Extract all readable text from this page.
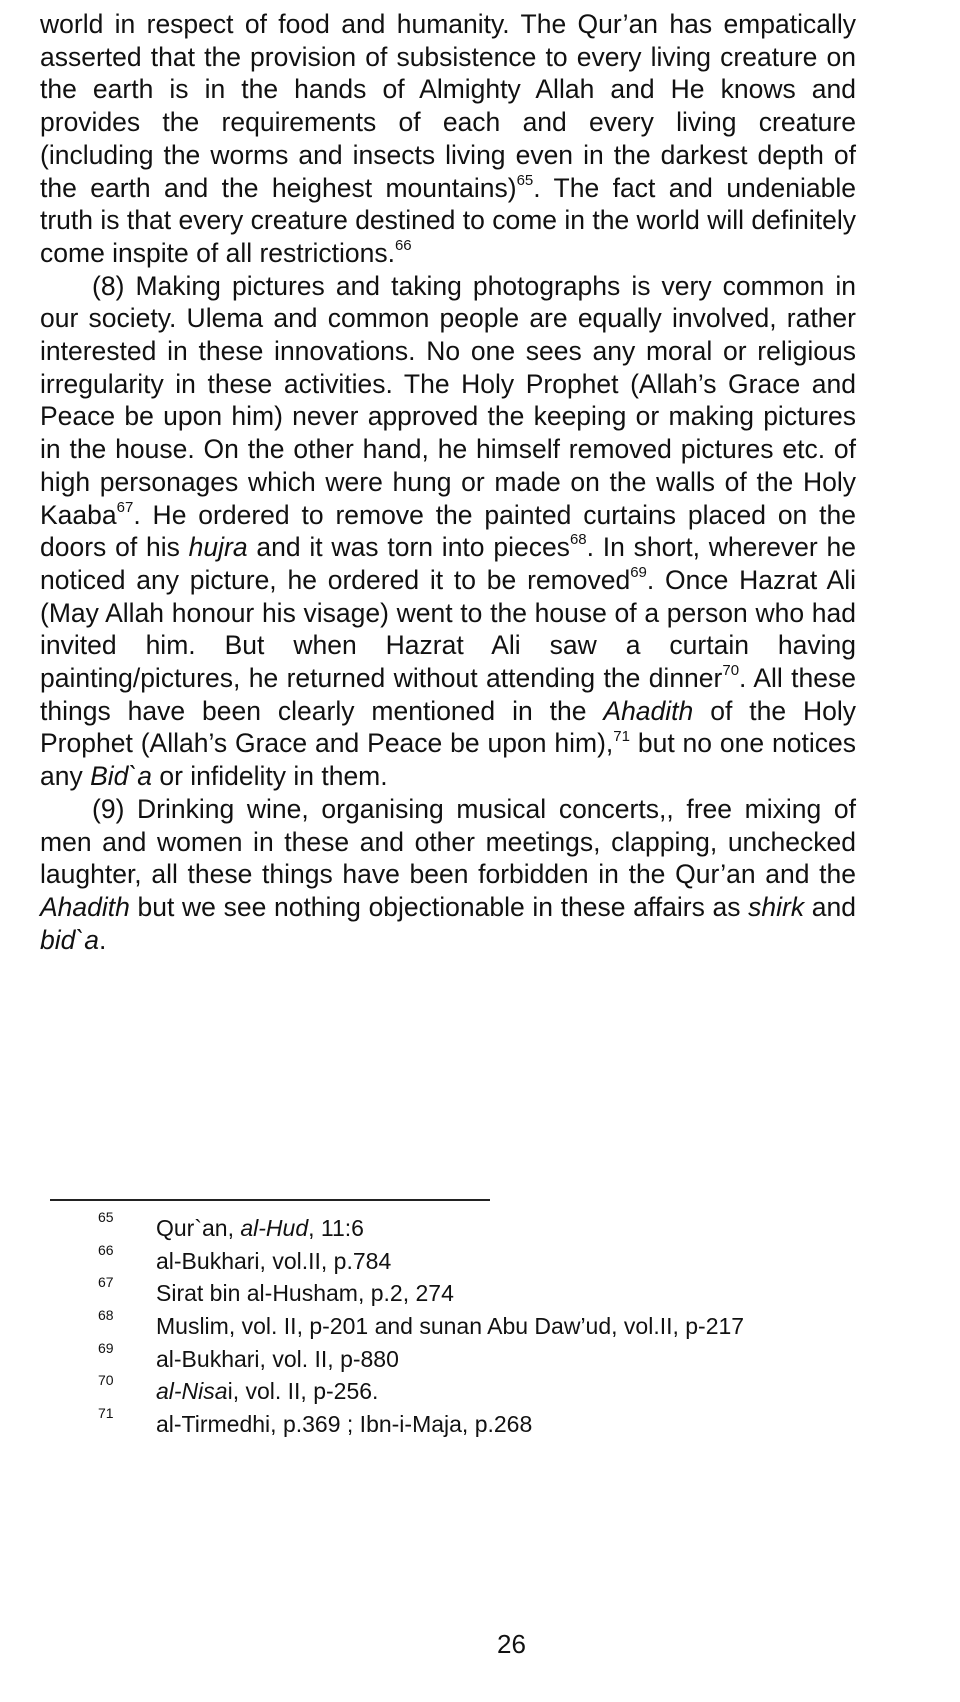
world in respect of food and humanity. The Qur’an has empatically asserted that the provision of subsistence to every living creature on the earth is in the hands of Almighty Allah and He knows and provides the requirements of each and every living creature (including the worms and insects living even in the darkest depth of the earth and the heighest mountains)$^{65}$. The fact and undeniable truth is that every creature destined to come in the world will definitely come inspite of all restrictions.$^{66}$

(8) Making pictures and taking photographs is very common in our society. Ulema and common people are equally involved, rather interested in these innovations. No one sees any moral or religious irregularity in these activities. The Holy Prophet (Allah’s Grace and Peace be upon him) never approved the keeping or making pictures in the house. On the other hand, he himself removed pictures etc. of high personages which were hung or made on the walls of the Holy Kaaba$^{67}$. He ordered to remove the painted curtains placed on the doors of his hujra and it was torn into pieces$^{68}$. In short, wherever he noticed any picture, he ordered it to be removed$^{69}$. Once Hazrat Ali (May Allah honour his visage) went to the house of a person who had invited him. But when Hazrat Ali saw a curtain having painting/pictures, he returned without attending the dinner$^{70}$. All these things have been clearly mentioned in the Ahadith of the Holy Prophet (Allah’s Grace and Peace be upon him),$^{71}$ but no one notices any Bid`a or infidelity in them.

(9) Drinking wine, organising musical concerts,, free mixing of men and women in these and other meetings, clapping, unchecked laughter, all these things have been forbidden in the Qur’an and the Ahadith but we see nothing objectionable in these affairs as shirk and bid`a.

65 Qur`an, al-Hud, 11:6
66 al-Bukhari, vol.II, p.784
67 Sirat bin al-Husham, p.2, 274
68 Muslim, vol. II, p-201 and sunan Abu Daw’ud, vol.II, p-217
69 al-Bukhari, vol. II, p-880
70 al-Nisai, vol. II, p-256.
71 al-Tirmedhi, p.369 ; Ibn-i-Maja, p.268
26
